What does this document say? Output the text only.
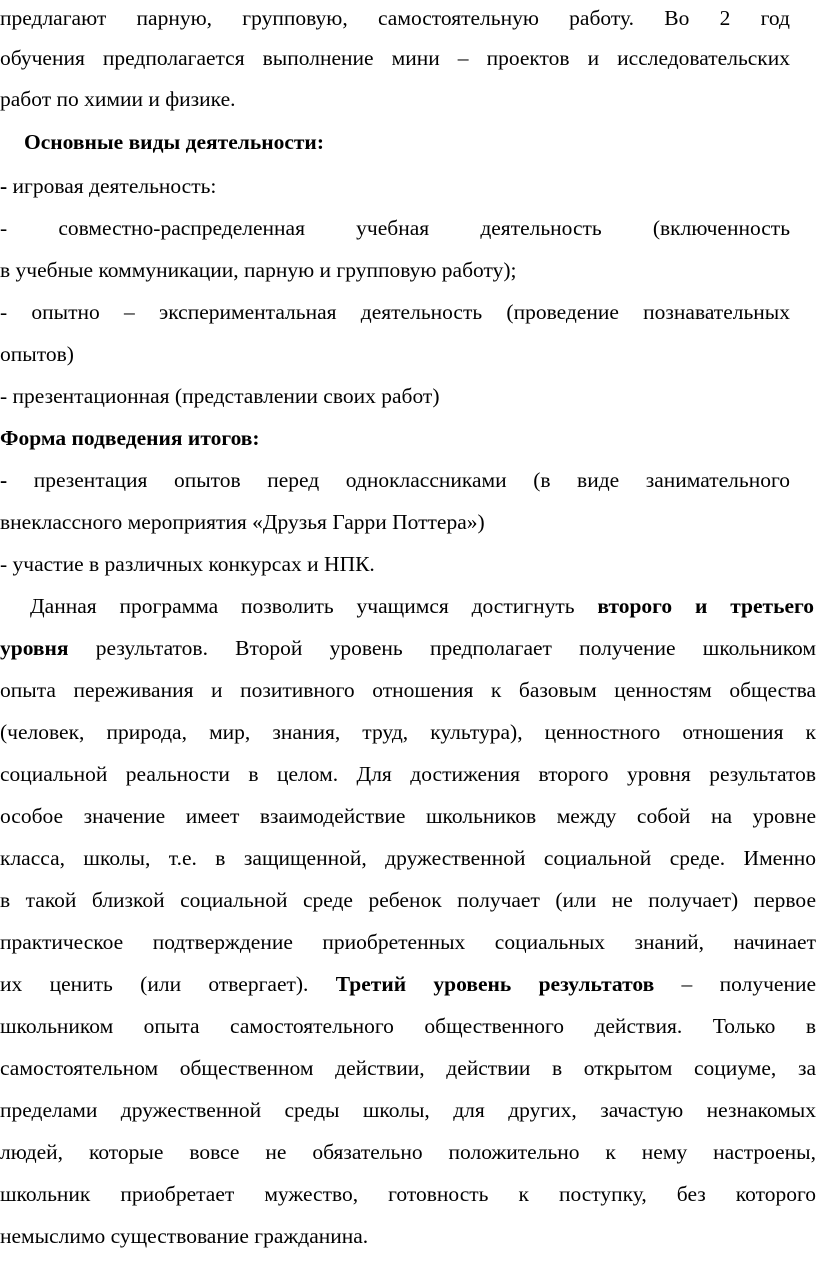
предлагают парную, групповую, самостоятельную работу. Во 2 год
обучения предполагается выполнение мини – проектов и исследовательских
работ по химии и физике.
Основные виды деятельности:
- игровая деятельность:
- совместно-распределенная учебная деятельность (включенность
в учебные коммуникации, парную и групповую работу);
- опытно – экспериментальная деятельность (проведение познавательных
опытов)
- презентационная (представлении своих работ)
Форма подведения итогов:
- презентация опытов перед одноклассниками (в виде занимательного
внеклассного мероприятия «Друзья Гарри Поттера»)
- участие в различных конкурсах и НПК.
Данная программа позволить учащимся достигнуть второго и третьего
уровня результатов. Второй уровень предполагает получение школьником
опыта переживания и позитивного отношения к базовым ценностям общества
(человек, природа, мир, знания, труд, культура), ценностного отношения к
социальной реальности в целом. Для достижения второго уровня результатов
особое значение имеет взаимодействие школьников между собой на уровне
класса, школы, т.е. в защищенной, дружественной социальной среде. Именно
в такой близкой социальной среде ребенок получает (или не получает) первое
практическое подтверждение приобретенных социальных знаний, начинает
их ценить (или отвергает). Третий уровень результатов – получение
школьником опыта самостоятельного общественного действия. Только в
самостоятельном общественном действии, действии в открытом социуме, за
пределами дружественной среды школы, для других, зачастую незнакомых
людей, которые вовсе не обязательно положительно к нему настроены,
школьник приобретает мужество, готовность к поступку, без которого
немыслимо существование гражданина.
